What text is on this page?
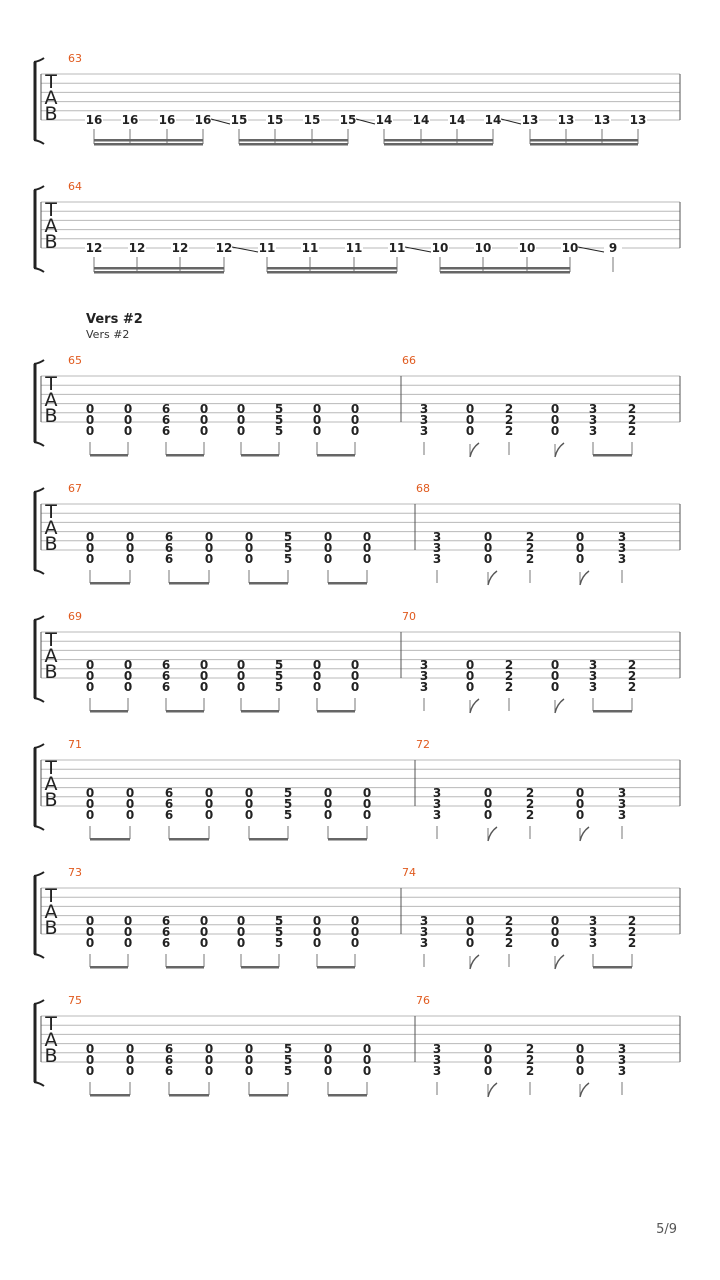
T
A
B
63
16 16 16 16 15 15 15 15 14 14 14 14 13 13 13 13
T
A
B
64
12 12 12 12 11 11 11 11 10 10 10 10	9
T
A
B
Vers #2
Vers #2
65
0
0
0
0
0
0
6
6
6
0
0
0
0
0
0
5
5
5
0
0
0
0
0
0
66
3
3
3
0
0
0
2
2
2
0
0
0
3
3
3
2
2
2
T
A
B
67
0
0
0
0
0
0
6
6
6
0
0
0
0
0
0
5
5
5
0
0
0
0
0
0
68
3
3
3
0
0
0
2
2
2
0
0
0
3
3
3
T
A
B
69
0
0
0
0
0
0
6
6
6
0
0
0
0
0
0
5
5
5
0
0
0
0
0
0
70
3
3
3
0
0
0
2
2
2
0
0
0
3
3
3
2
2
2
T
A
B
71
0
0
0
0
0
0
6
6
6
0
0
0
0
0
0
5
5
5
0
0
0
0
0
0
72
3
3
3
0
0
0
2
2
2
0
0
0
3
3
3
T
A
B
73
0
0
0
0
0
0
6
6
6
0
0
0
0
0
0
5
5
5
0
0
0
0
0
0
74
3
3
3
0
0
0
2
2
2
0
0
0
3
3
3
2
2
2
T
A
B
75
0
0
0
0
0
0
6
6
6
0
0
0
0
0
0
5
5
5
0
0
0
0
0
0
76
3
3
3
0
0
0
2
2
2
0
0
0
3
3
3
5/9
